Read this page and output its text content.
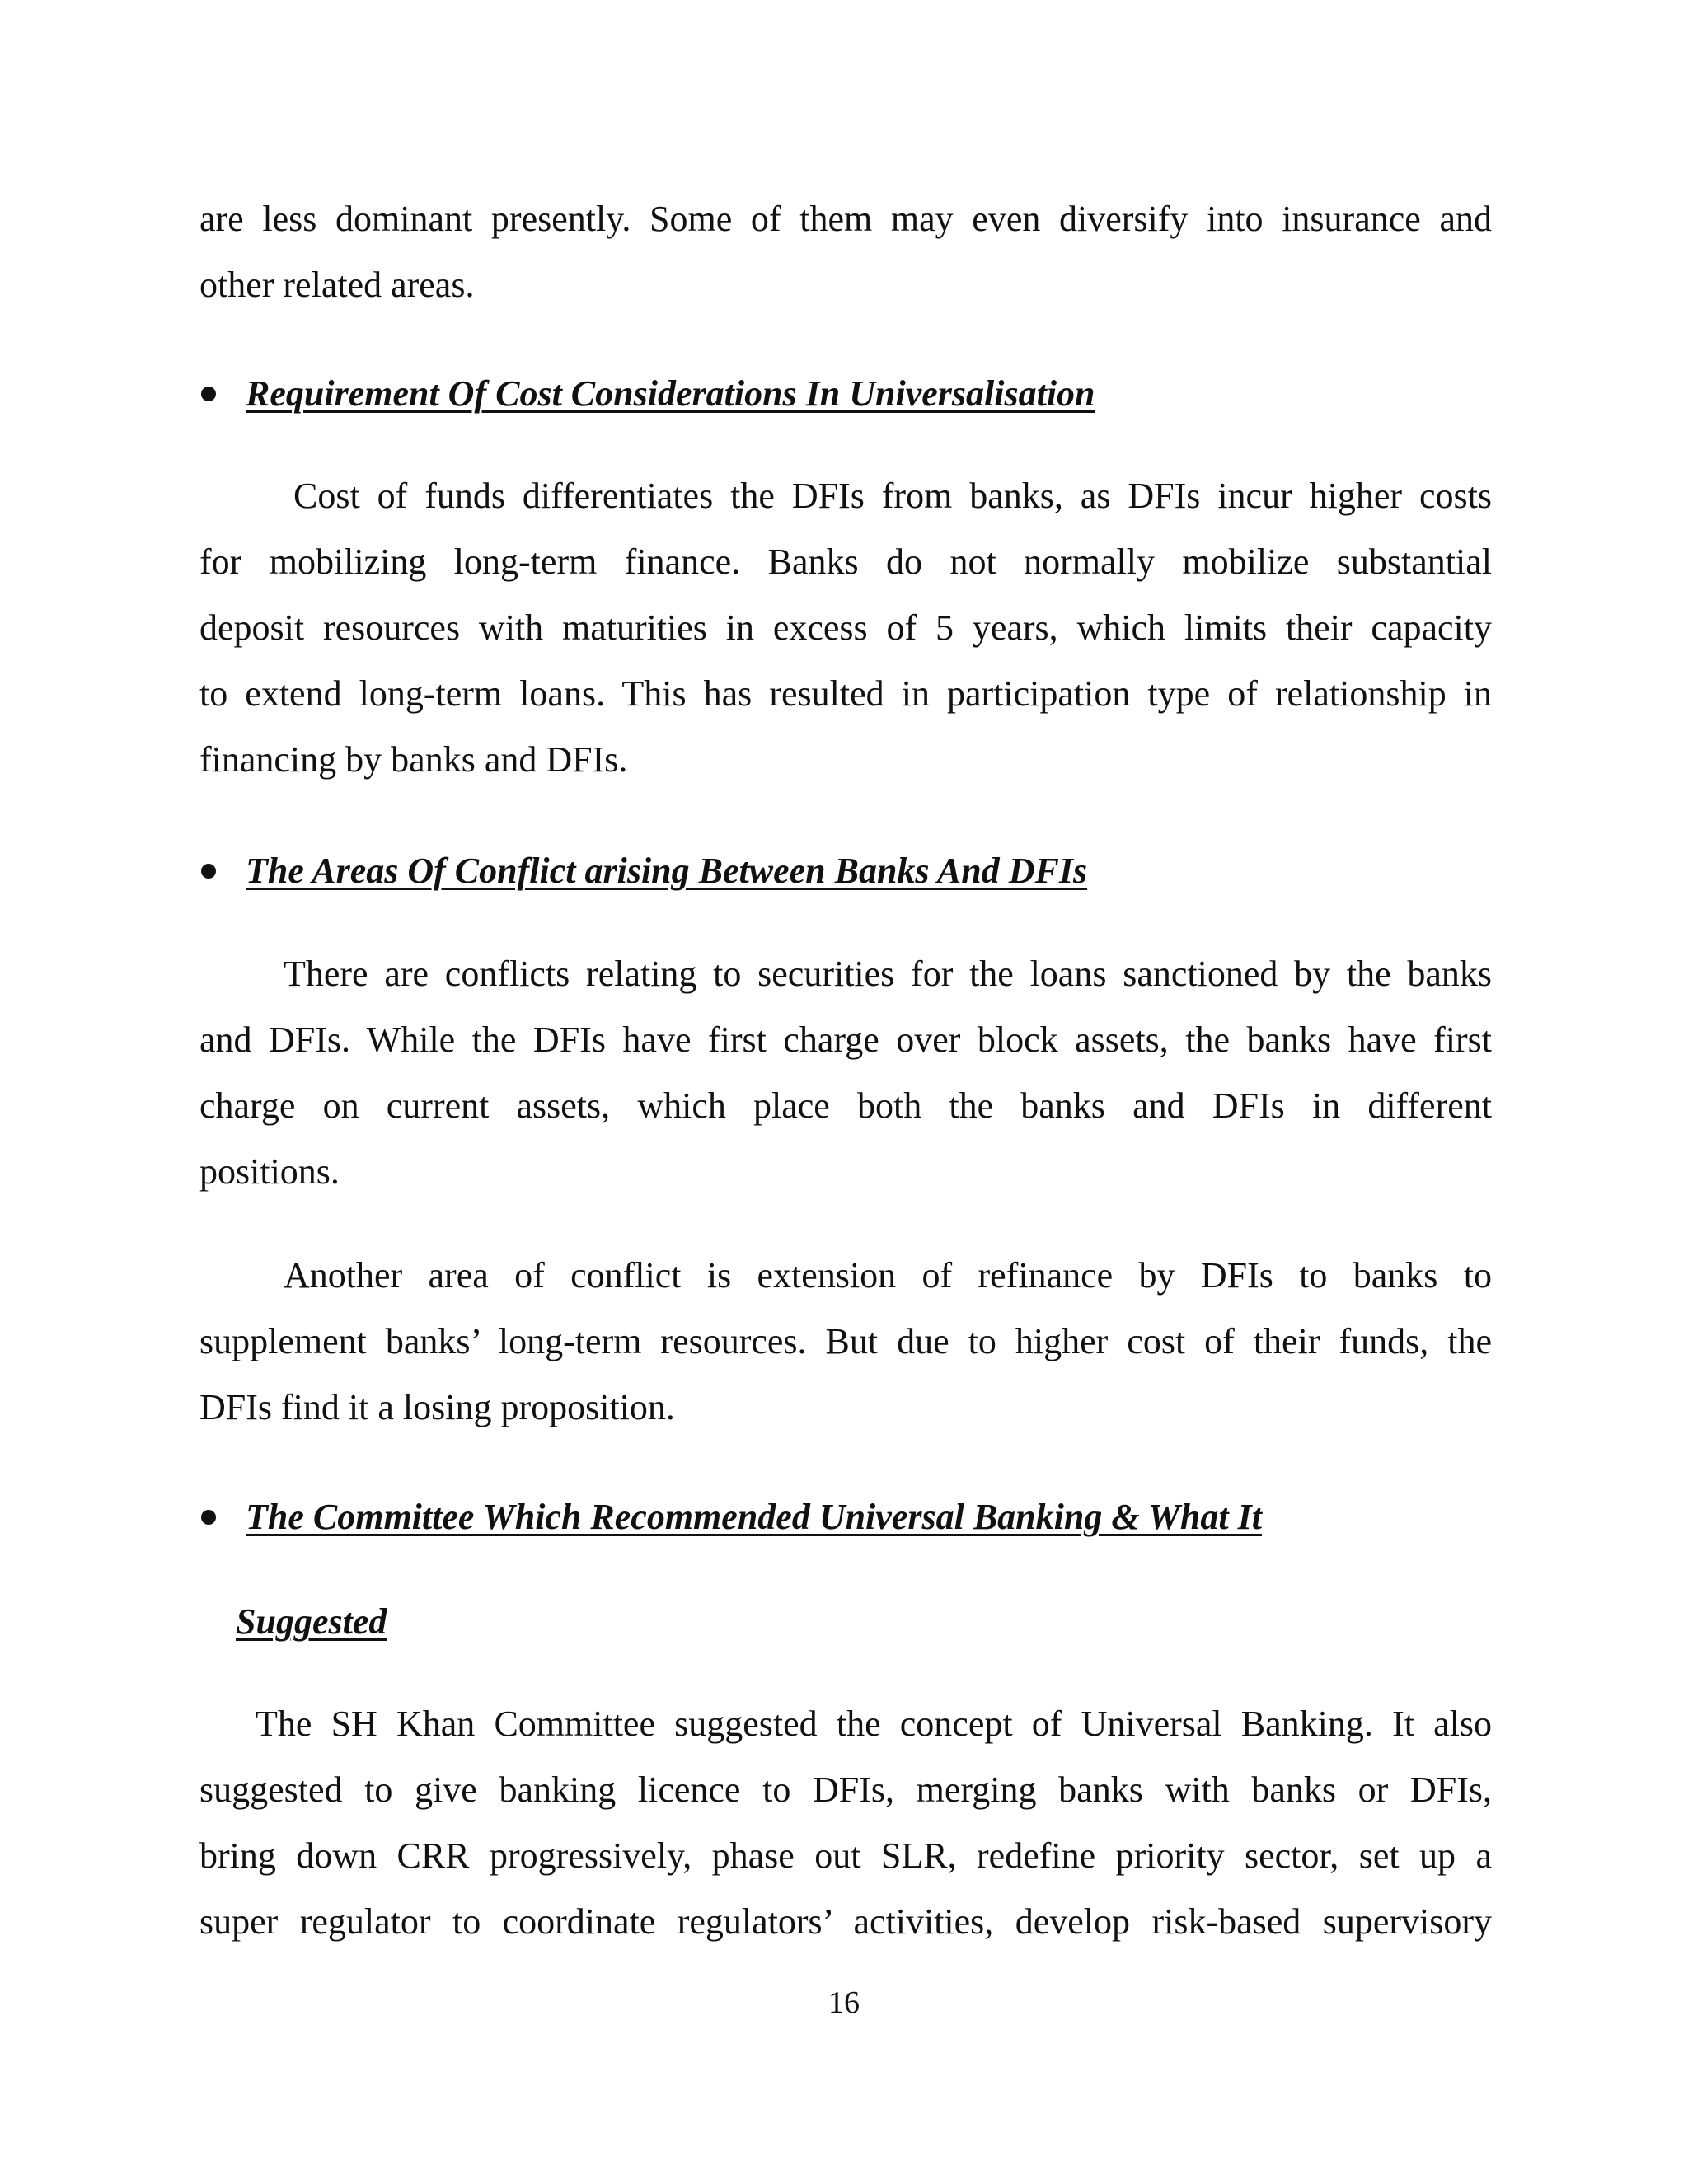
are less dominant presently. Some of them may even diversify into insurance and
other related areas.
Requirement Of Cost Considerations In Universalisation
Cost of funds differentiates the DFIs from banks, as DFIs incur higher costs
for mobilizing long-term finance. Banks do not normally mobilize substantial
deposit resources with maturities in excess of 5 years, which limits their capacity
to extend long-term loans. This has resulted in participation type of relationship in
financing by banks and DFIs.
The Areas Of Conflict arising Between Banks And DFIs
There are conflicts relating to securities for the loans sanctioned by the banks
and DFIs. While the DFIs have first charge over block assets, the banks have first
charge on current assets, which place both the banks and DFIs in different
positions.
Another area of conflict is extension of refinance by DFIs to banks to
supplement banks’ long-term resources. But due to higher cost of their funds, the
DFIs find it a losing proposition.
The Committee Which Recommended Universal Banking & What It
Suggested
The SH Khan Committee suggested the concept of Universal Banking. It also
suggested to give banking licence to DFIs, merging banks with banks or DFIs,
bring down CRR progressively, phase out SLR, redefine priority sector, set up a
super regulator to coordinate regulators’ activities, develop risk-based supervisory
16
